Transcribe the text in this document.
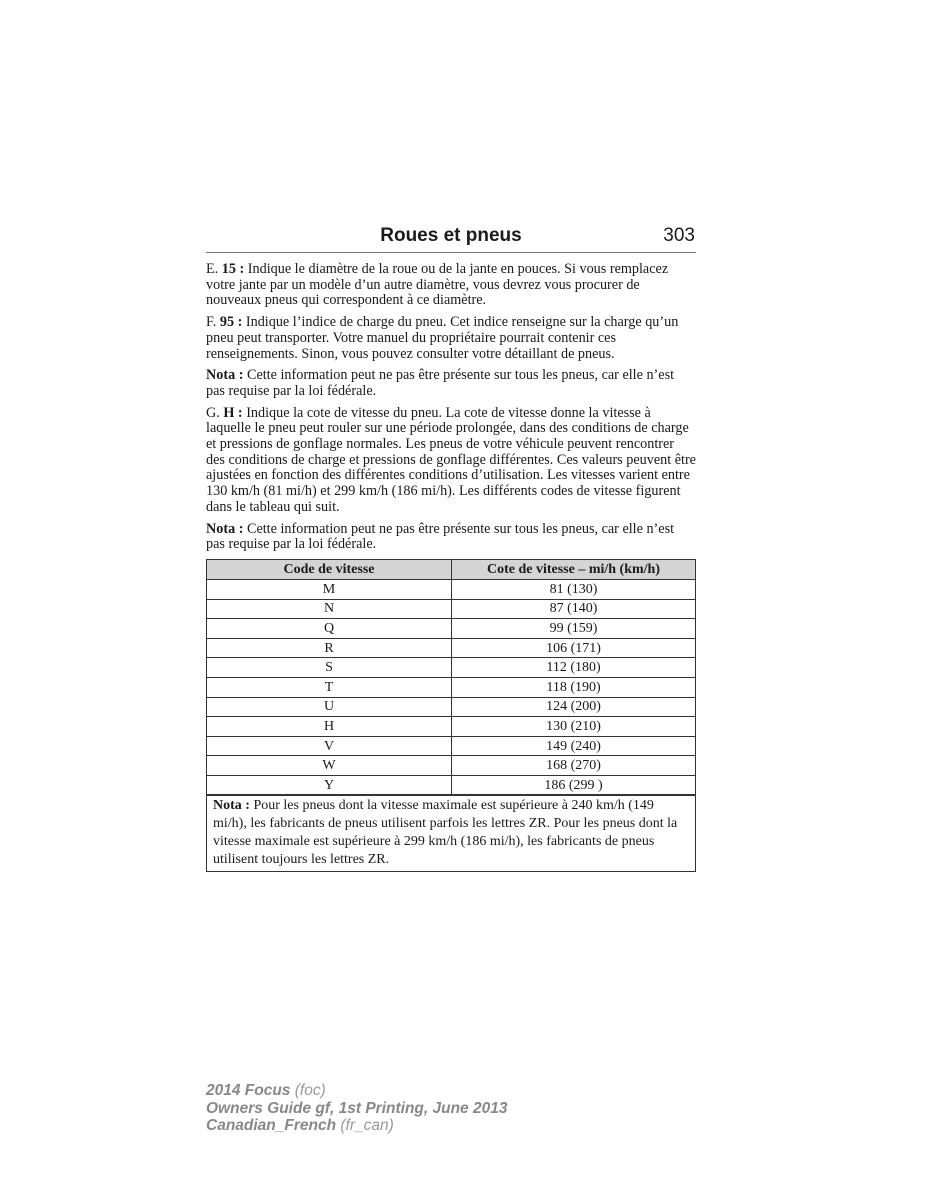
Roues et pneus	303

E. 15 : Indique le diamètre de la roue ou de la jante en pouces. Si vous remplacez votre jante par un modèle d’un autre diamètre, vous devrez vous procurer de nouveaux pneus qui correspondent à ce diamètre.

F. 95 : Indique l’indice de charge du pneu. Cet indice renseigne sur la charge qu’un pneu peut transporter. Votre manuel du propriétaire pourrait contenir ces renseignements. Sinon, vous pouvez consulter votre détaillant de pneus.

Nota : Cette information peut ne pas être présente sur tous les pneus, car elle n’est pas requise par la loi fédérale.

G. H : Indique la cote de vitesse du pneu. La cote de vitesse donne la vitesse à laquelle le pneu peut rouler sur une période prolongée, dans des conditions de charge et pressions de gonflage normales. Les pneus de votre véhicule peuvent rencontrer des conditions de charge et pressions de gonflage différentes. Ces valeurs peuvent être ajustées en fonction des différentes conditions d’utilisation. Les vitesses varient entre 130 km/h (81 mi/h) et 299 km/h (186 mi/h). Les différents codes de vitesse figurent dans le tableau qui suit.

Nota : Cette information peut ne pas être présente sur tous les pneus, car elle n’est pas requise par la loi fédérale.

Code de vitesse	Cote de vitesse – mi/h (km/h)
M	81 (130)
N	87 (140)
Q	99 (159)
R	106 (171)
S	112 (180)
T	118 (190)
U	124 (200)
H	130 (210)
V	149 (240)
W	168 (270)
Y	186 (299 )
Nota : Pour les pneus dont la vitesse maximale est supérieure à 240 km/h (149 mi/h), les fabricants de pneus utilisent parfois les lettres ZR. Pour les pneus dont la vitesse maximale est supérieure à 299 km/h (186 mi/h), les fabricants de pneus utilisent toujours les lettres ZR.	
2014 Focus (foc)
Owners Guide gf, 1st Printing, June 2013
Canadian_French (fr_can)
